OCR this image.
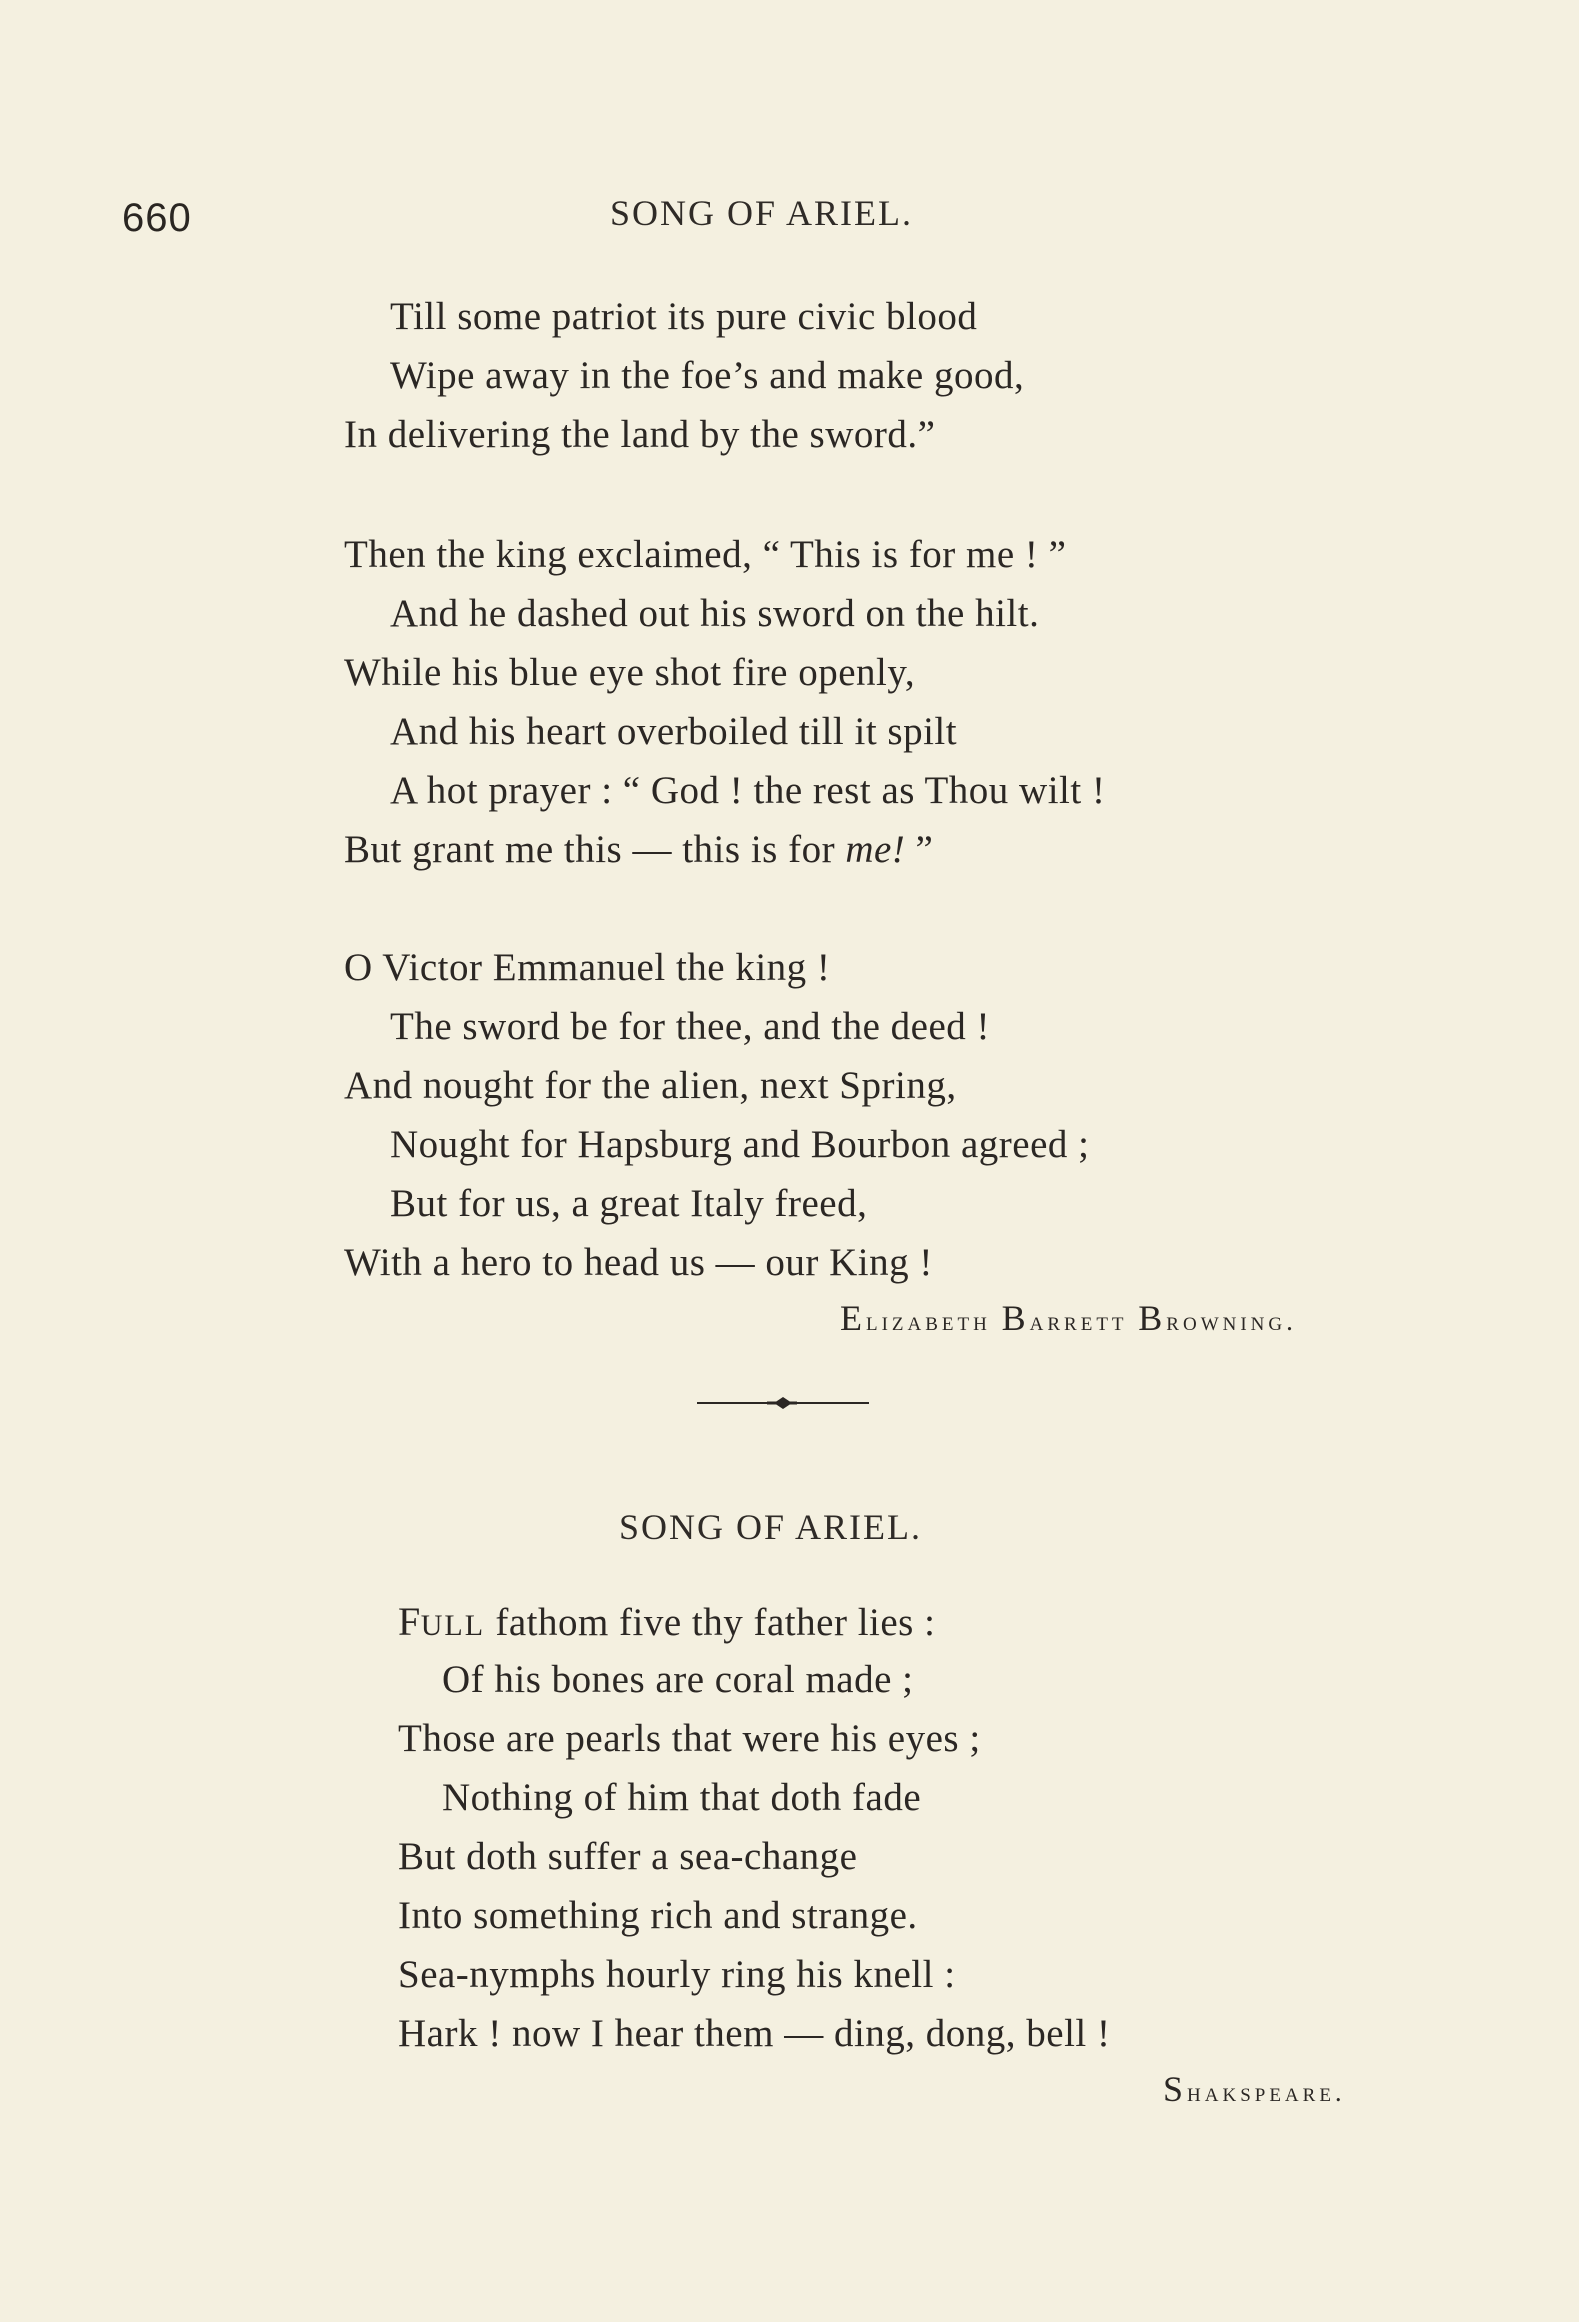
660	SONG OF ARIEL.
Till some patriot its pure civic blood
Wipe away in the foe’s and make good,
In delivering the land by the sword.”
Then the king exclaimed, “ This is for me ! ”
And he dashed out his sword on the hilt.
While his blue eye shot fire openly,
And his heart overboiled till it spilt
A hot prayer : “ God ! the rest as Thou wilt !
But grant me this — this is for me! ”
O Victor Emmanuel the king !
The sword be for thee, and the deed !
And nought for the alien, next Spring,
Nought for Hapsburg and Bourbon agreed ;
But for us, a great Italy freed,
With a hero to head us — our King !
Elizabeth Barrett Browning.
SONG OF ARIEL.
FULL fathom five thy father lies :
Of his bones are coral made ;
Those are pearls that were his eyes ;
Nothing of him that doth fade
But doth suffer a sea-change
Into something rich and strange.
Sea-nymphs hourly ring his knell :
Hark ! now I hear them — ding, dong, bell !
Shakspeare.
